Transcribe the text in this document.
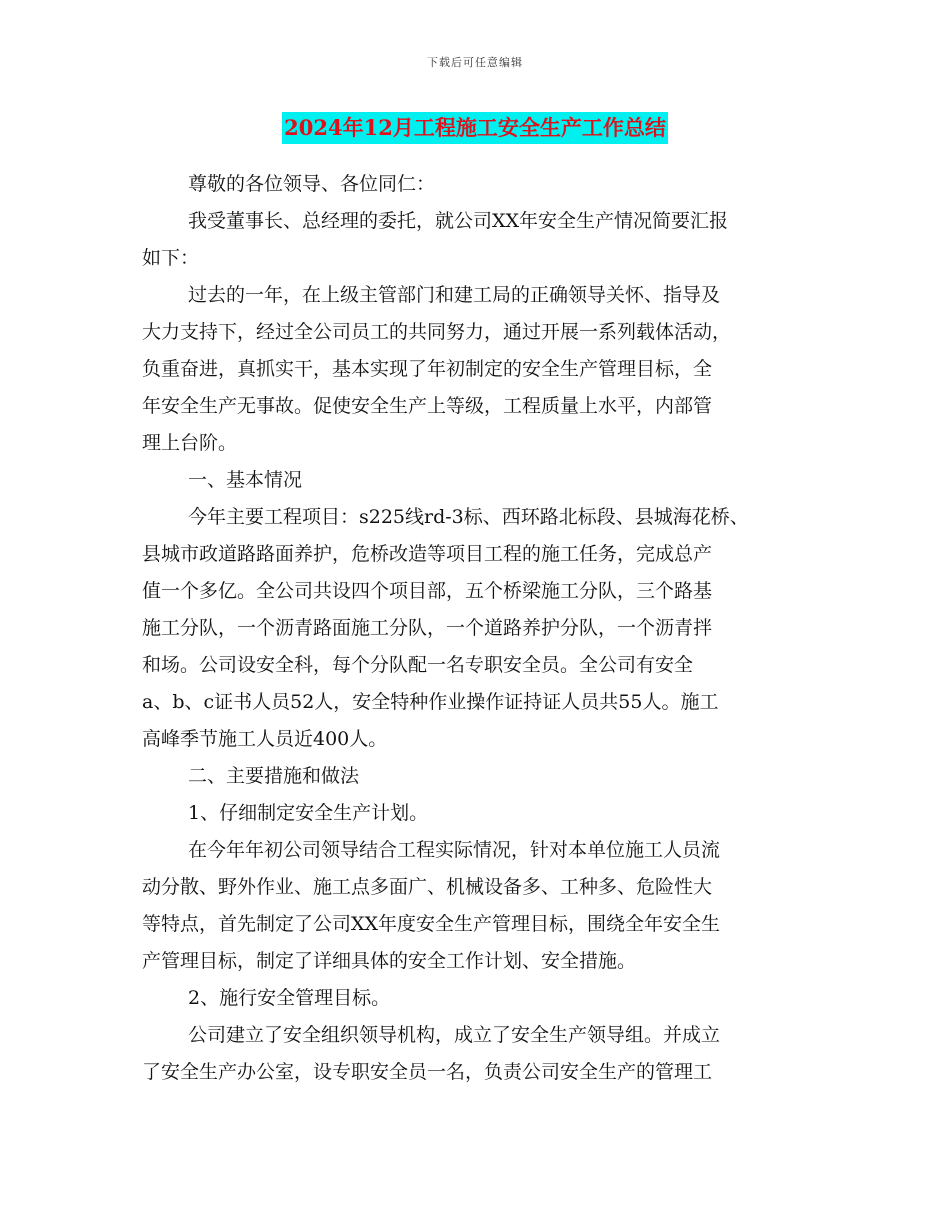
下载后可任意编辑
2024年12月工程施工安全生产工作总结
尊敬的各位领导、各位同仁：
我受董事长、总经理的委托，就公司XX年安全生产情况简要汇报
如下：
过去的一年，在上级主管部门和建工局的正确领导关怀、指导及
大力支持下，经过全公司员工的共同努力，通过开展一系列载体活动，
负重奋进，真抓实干，基本实现了年初制定的安全生产管理目标，全
年安全生产无事故。促使安全生产上等级，工程质量上水平，内部管
理上台阶。
一、基本情况
今年主要工程项目：s225线rd-3标、西环路北标段、县城海花桥、
县城市政道路路面养护，危桥改造等项目工程的施工任务，完成总产
值一个多亿。全公司共设四个项目部，五个桥梁施工分队，三个路基
施工分队，一个沥青路面施工分队，一个道路养护分队，一个沥青拌
和场。公司设安全科，每个分队配一名专职安全员。全公司有安全
a、b、c证书人员52人，安全特种作业操作证持证人员共55人。施工
高峰季节施工人员近400人。
二、主要措施和做法
1、仔细制定安全生产计划。
在今年年初公司领导结合工程实际情况，针对本单位施工人员流
动分散、野外作业、施工点多面广、机械设备多、工种多、危险性大
等特点，首先制定了公司XX年度安全生产管理目标，围绕全年安全生
产管理目标，制定了详细具体的安全工作计划、安全措施。
2、施行安全管理目标。
公司建立了安全组织领导机构，成立了安全生产领导组。并成立
了安全生产办公室，设专职安全员一名，负责公司安全生产的管理工
